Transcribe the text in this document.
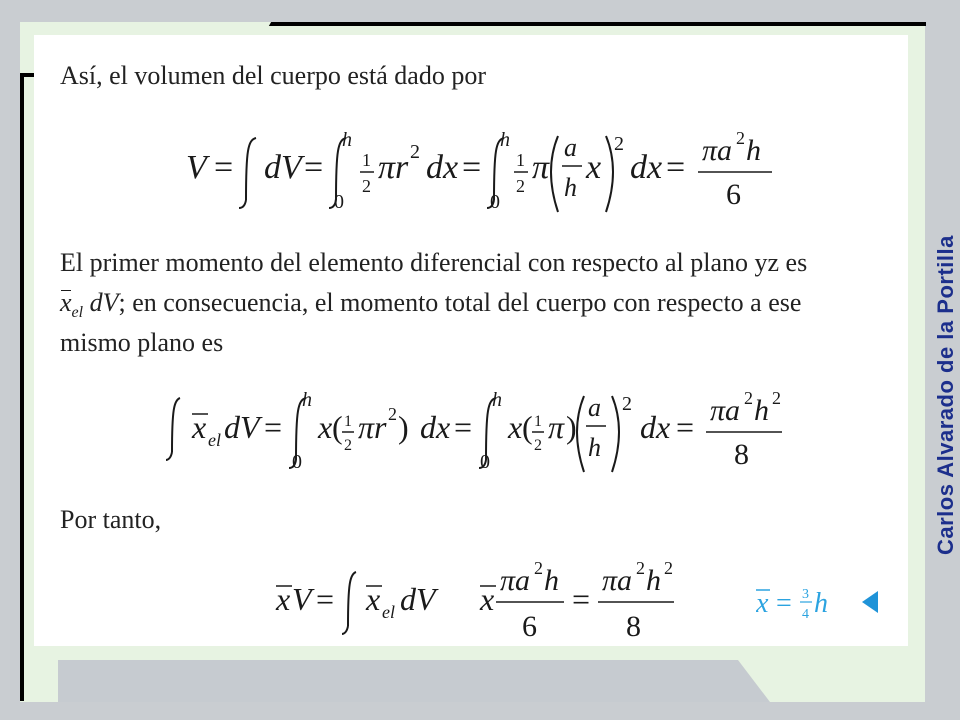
Así, el volumen del cuerpo está dado por
V = dV =
h
0
1
2 πr 2 dx =
h
0
1
2 π
a
h
x
2
dx = πa 2 h
6
El primer momento del elemento diferencial con respecto al plano yz es
$x_{el}$ dV; en consecuencia, el momento total del cuerpo con respecto a ese
mismo plano es
x el dV =
h
0
x ( 1
2
πr 2 ) dx =
h
0
x ( 1
2
π )
a
h
2
dx = πa 2 h 2
8
Por tanto,
x V = x el dV x
πa 2 h
6
=
πa 2 h 2
8
x = 3
4 h
Carlos Alvarado de la Portilla
